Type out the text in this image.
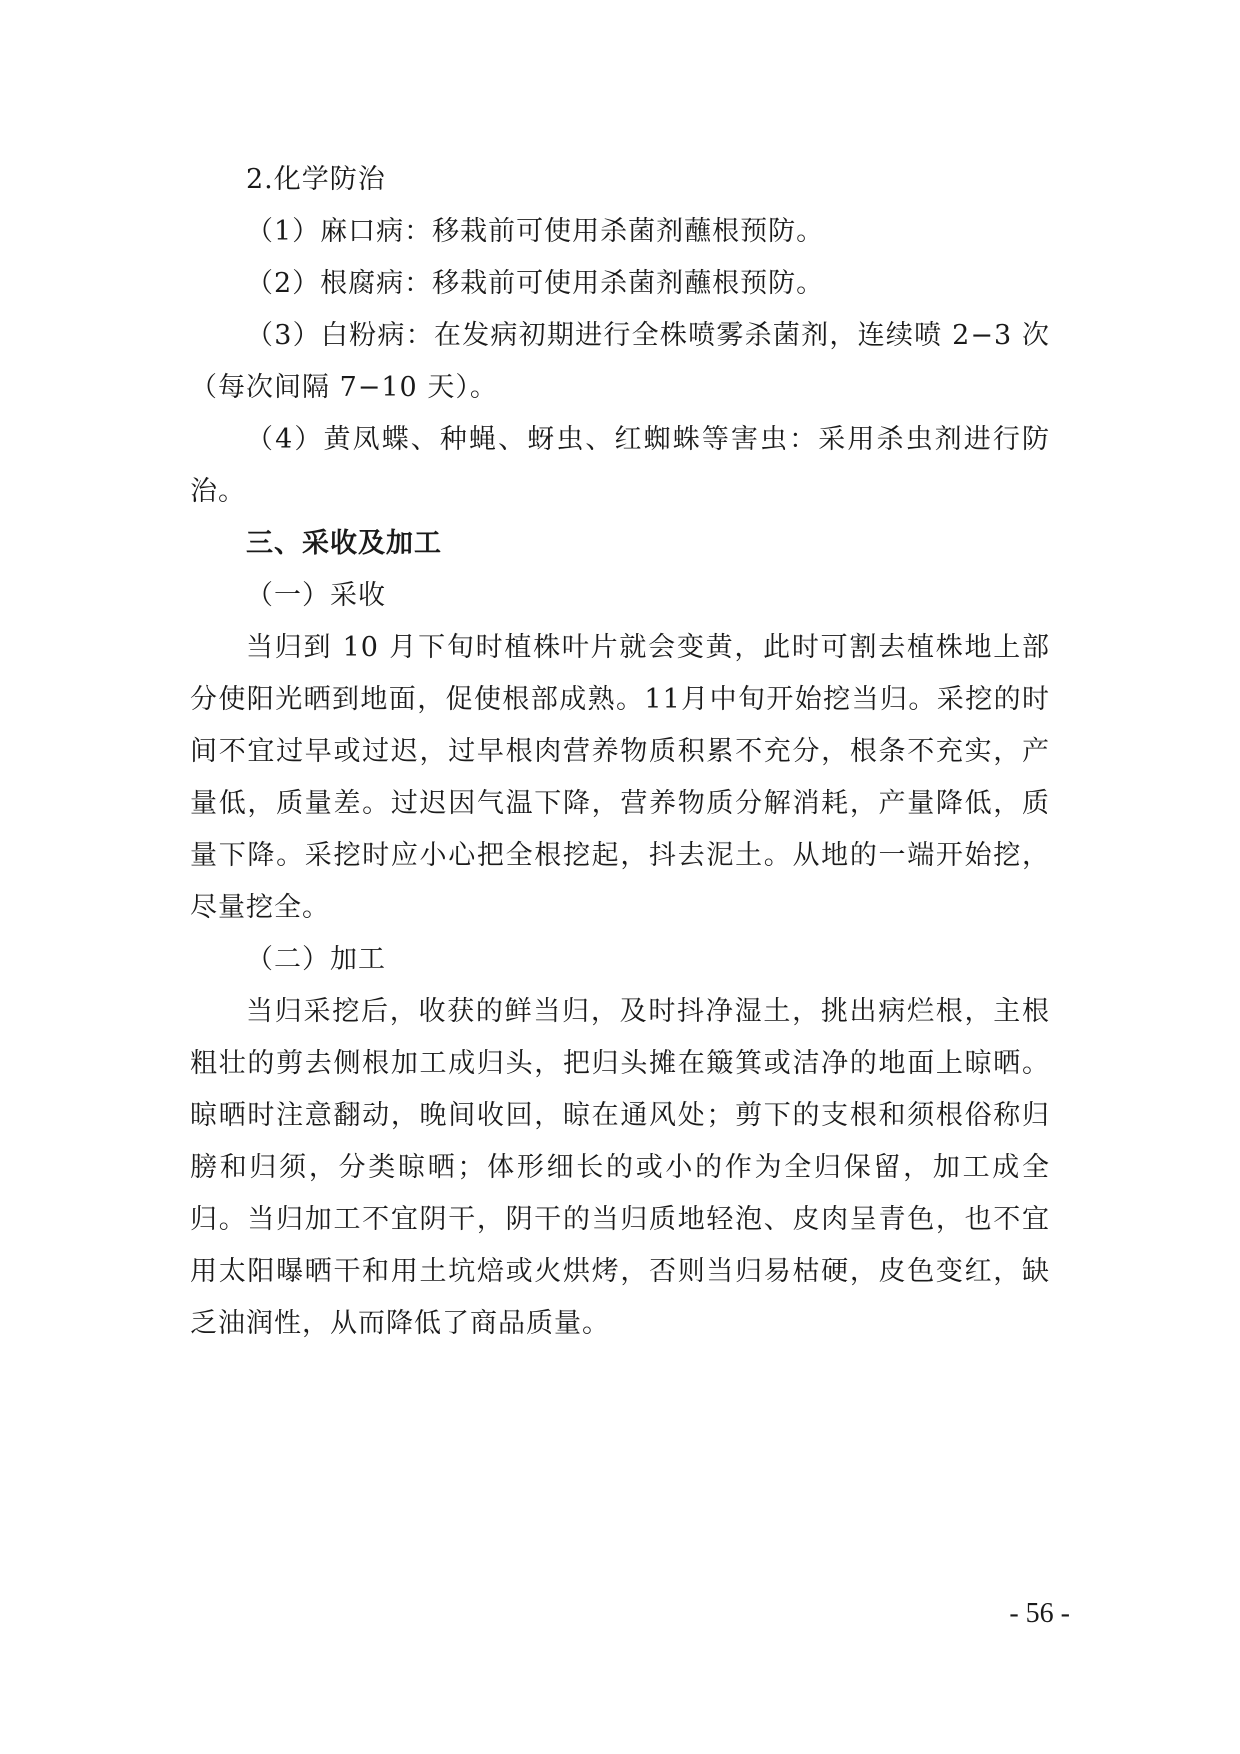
2.化学防治

（1）麻口病：移栽前可使用杀菌剂蘸根预防。

（2）根腐病：移栽前可使用杀菌剂蘸根预防。

（3）白粉病：在发病初期进行全株喷雾杀菌剂，连续喷 2−3 次（每次间隔 7−10 天）。

（4）黄凤蝶、种蝇、蚜虫、红蜘蛛等害虫：采用杀虫剂进行防治。

三、采收及加工

（一）采收

当归到 10 月下旬时植株叶片就会变黄，此时可割去植株地上部分使阳光晒到地面，促使根部成熟。11月中旬开始挖当归。采挖的时间不宜过早或过迟，过早根肉营养物质积累不充分，根条不充实，产量低，质量差。过迟因气温下降，营养物质分解消耗，产量降低，质量下降。采挖时应小心把全根挖起，抖去泥土。从地的一端开始挖，尽量挖全。

（二）加工

当归采挖后，收获的鲜当归，及时抖净湿土，挑出病烂根，主根粗壮的剪去侧根加工成归头，把归头摊在簸箕或洁净的地面上晾晒。晾晒时注意翻动，晚间收回，晾在通风处；剪下的支根和须根俗称归膀和归须，分类晾晒；体形细长的或小的作为全归保留，加工成全归。当归加工不宜阴干，阴干的当归质地轻泡、皮肉呈青色，也不宜用太阳曝晒干和用土坑焙或火烘烤，否则当归易枯硬，皮色变红，缺乏油润性，从而降低了商品质量。

- 56 -
